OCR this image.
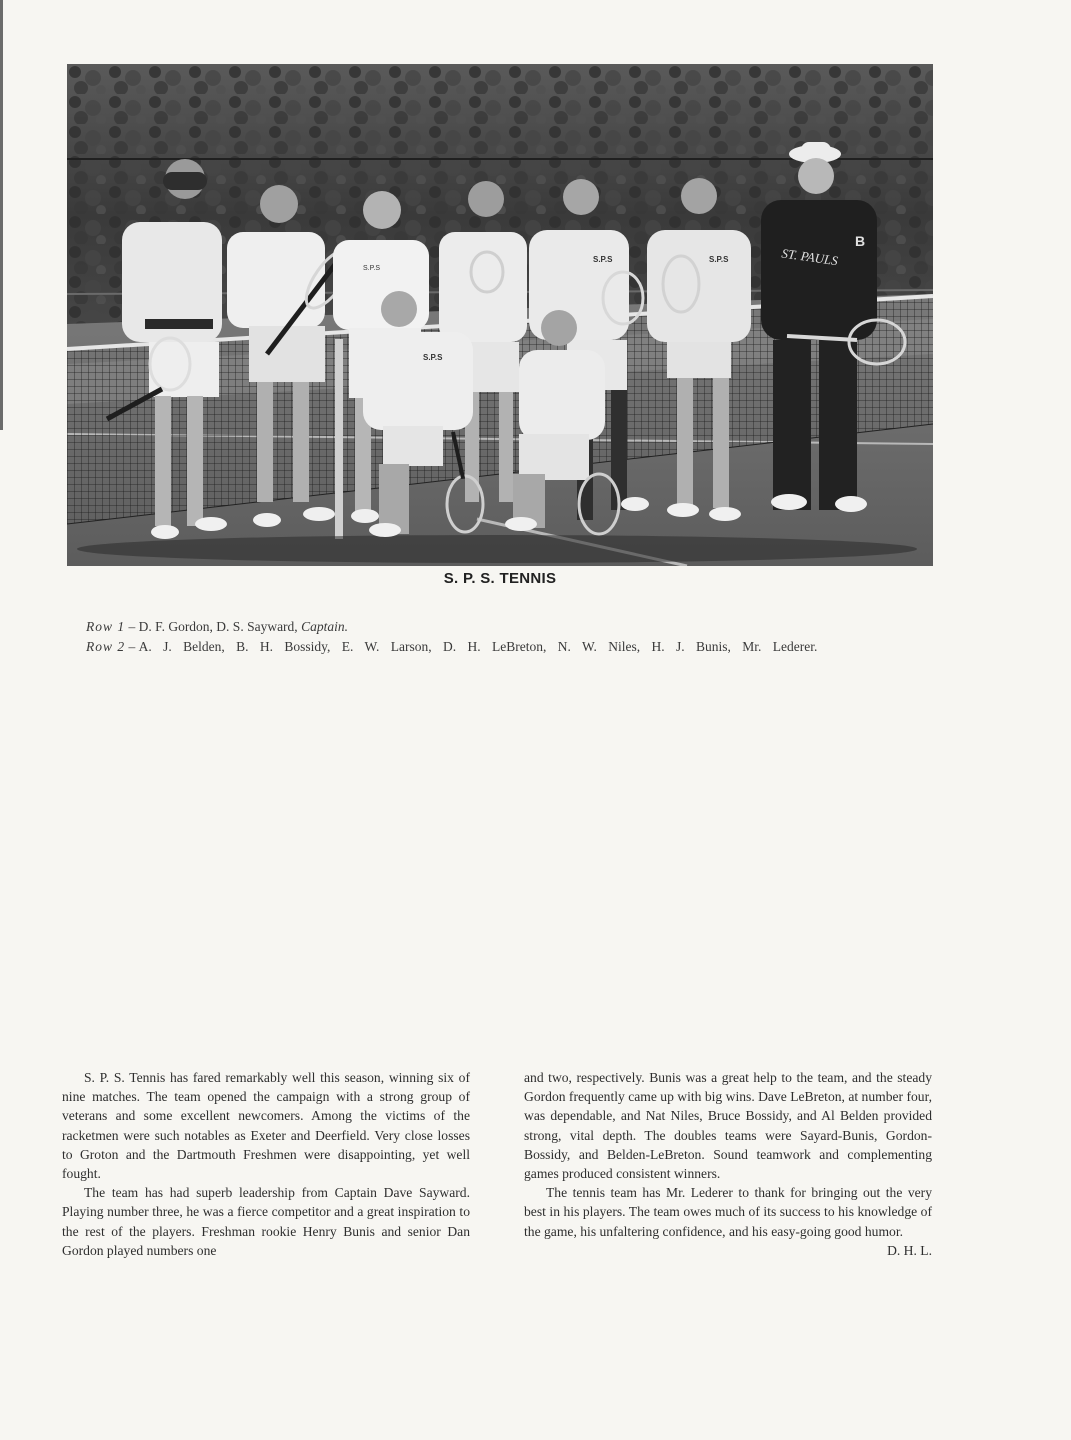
S.P.S
S.P.S	S.P.S	ST. PAULS
B
S.P.S
S. P. S. TENNIS
Row 1 – D. F. Gordon, D. S. Sayward, Captain.
Row 2 – A. J. Belden, B. H. Bossidy, E. W. Larson, D. H. LeBreton, N. W. Niles, H. J. Bunis, Mr. Lederer.

S. P. S. Tennis has fared remarkably well this season, winning six of nine matches. The team opened the campaign with a strong group of veterans and some excellent newcomers. Among the victims of the racketmen were such notables as Exeter and Deerfield. Very close losses to Groton and the Dartmouth Freshmen were disappointing, yet well fought.

The team has had superb leadership from Captain Dave Sayward. Playing number three, he was a fierce competitor and a great inspiration to the rest of the players. Freshman rookie Henry Bunis and senior Dan Gordon played numbers one

and two, respectively. Bunis was a great help to the team, and the steady Gordon frequently came up with big wins. Dave LeBreton, at number four, was dependable, and Nat Niles, Bruce Bossidy, and Al Belden provided strong, vital depth. The doubles teams were Sayard-Bunis, Gordon-Bossidy, and Belden-LeBreton. Sound teamwork and complementing games produced consistent winners.

The tennis team has Mr. Lederer to thank for bringing out the very best in his players. The team owes much of its success to his knowledge of the game, his unfaltering confidence, and his easy-going good humor.
D. H. L.
